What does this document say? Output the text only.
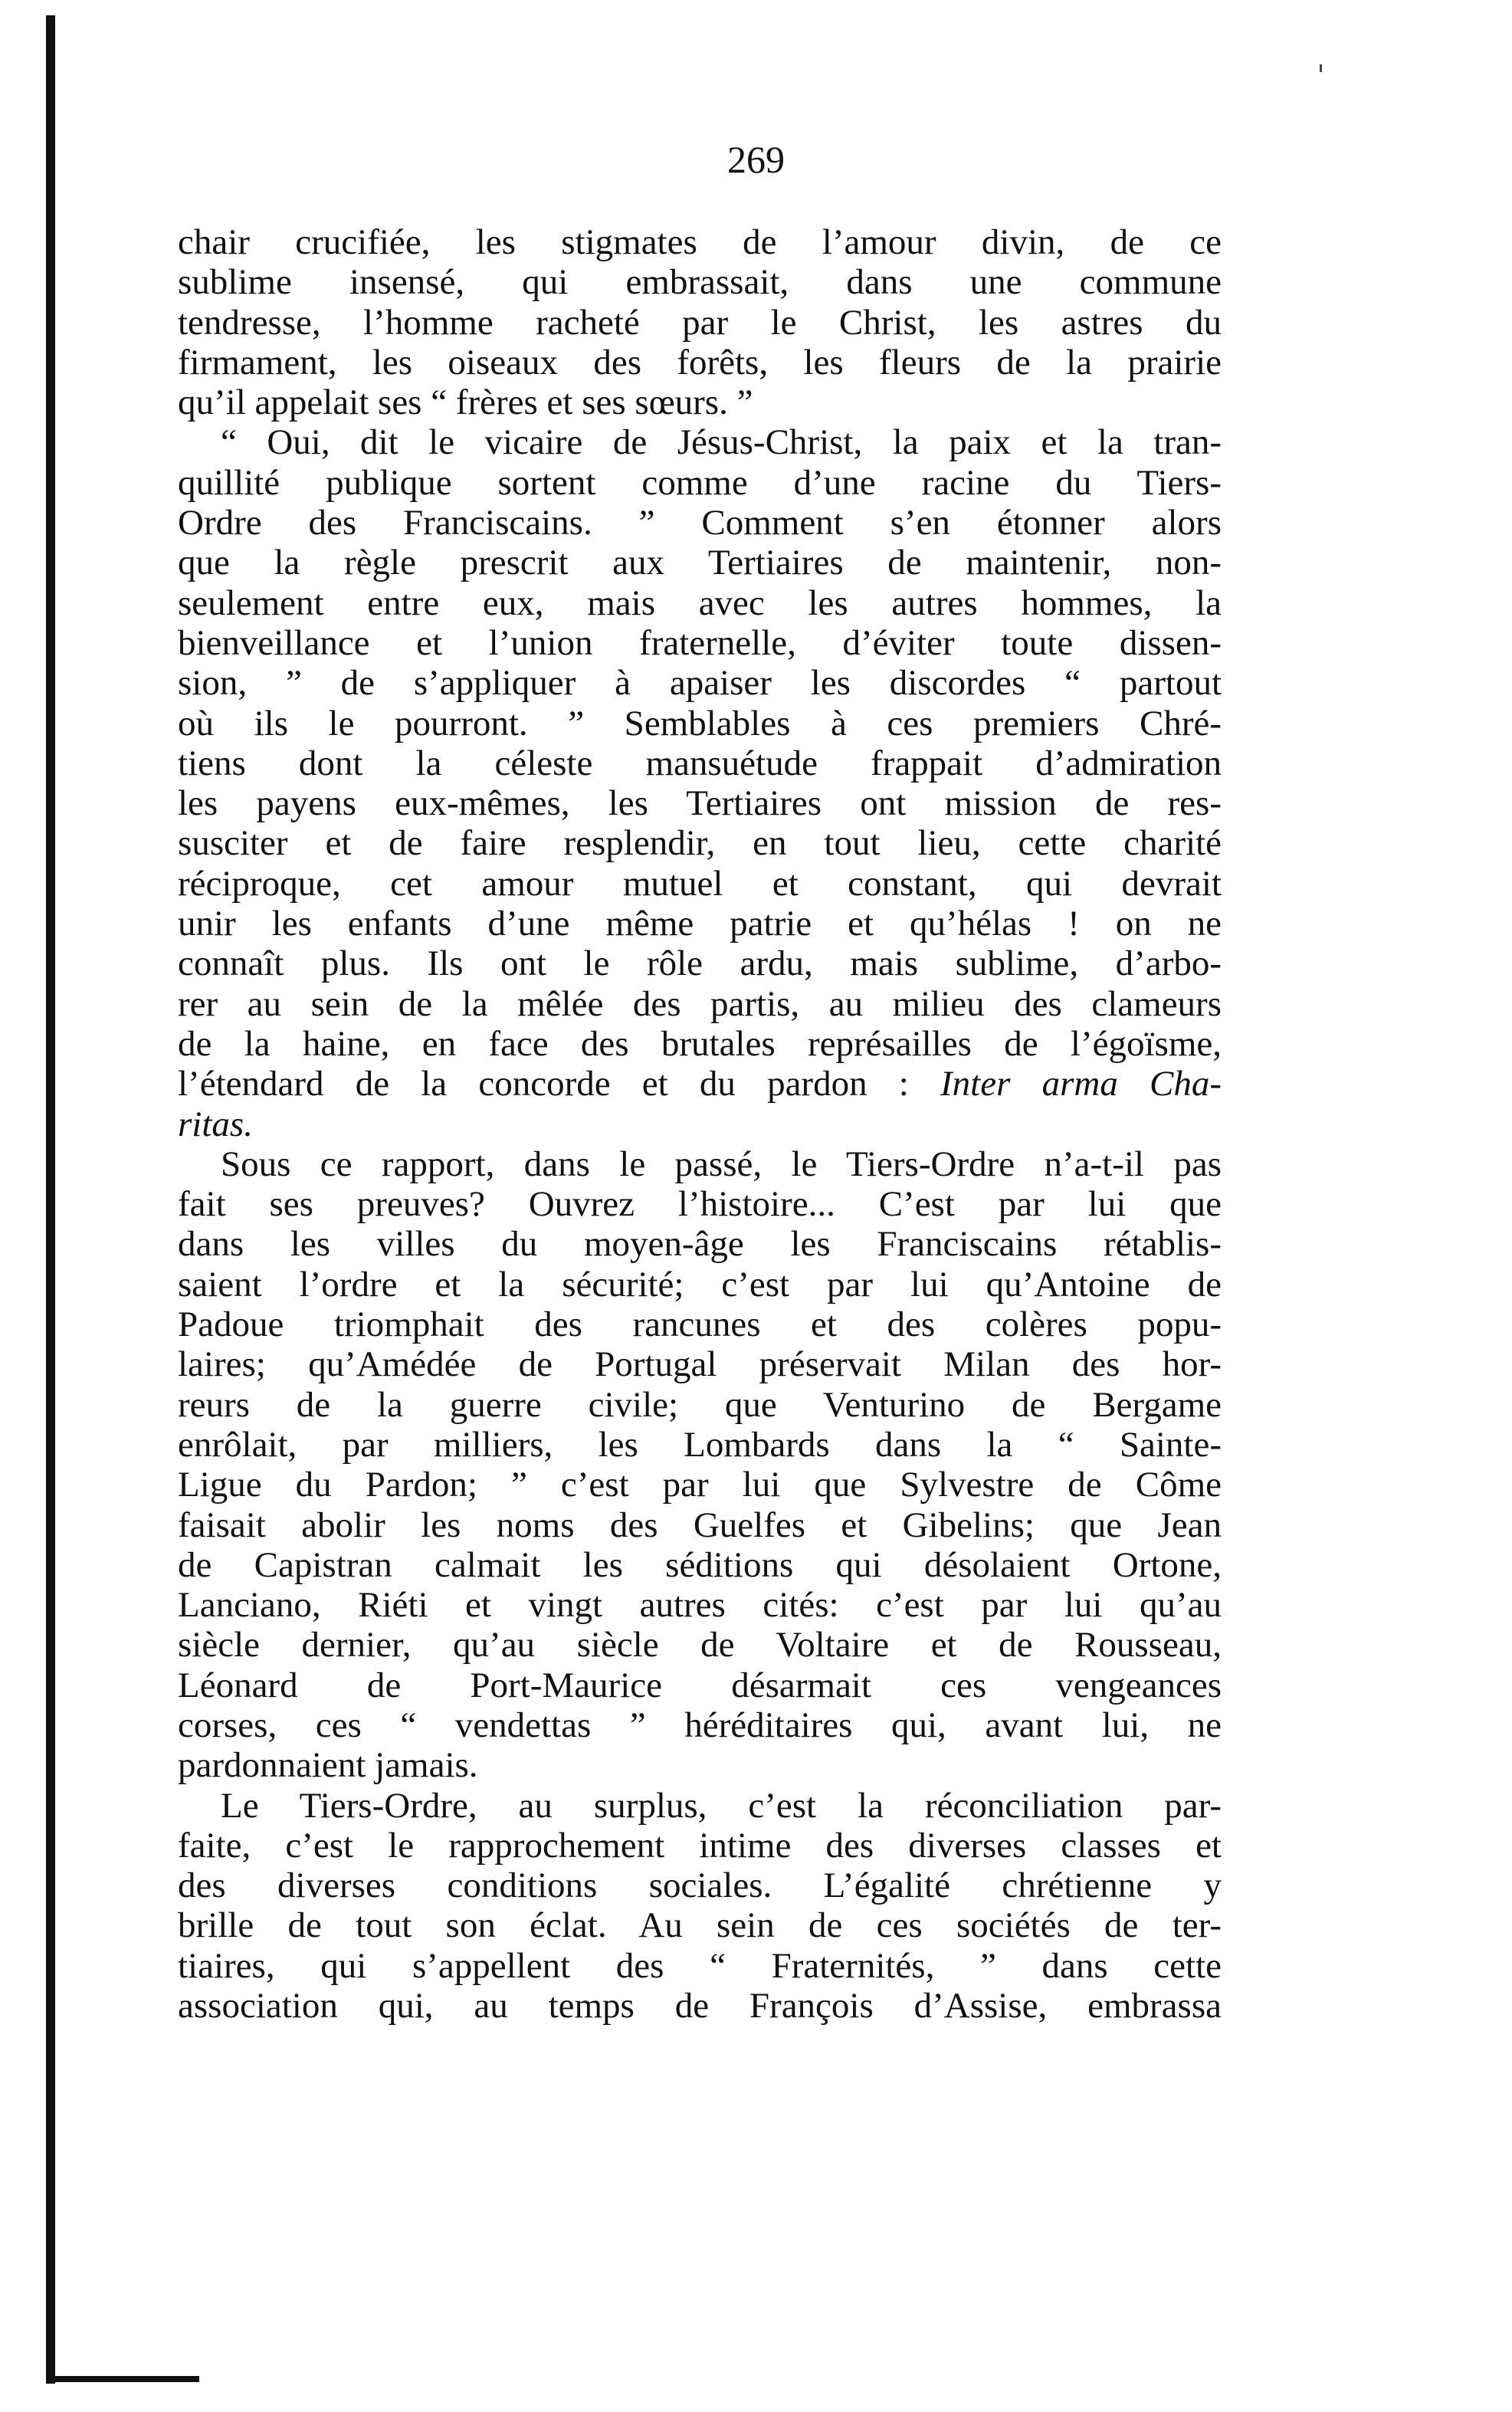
269
chair crucifiée, les stigmates de l’amour divin, de ce
sublime insensé, qui embrassait, dans une commune
tendresse, l’homme racheté par le Christ, les astres du
firmament, les oiseaux des forêts, les fleurs de la prairie
qu’il appelait ses “ frères et ses sœurs. ”
“ Oui, dit le vicaire de Jésus-Christ, la paix et la tran-
quillité publique sortent comme d’une racine du Tiers-
Ordre des Franciscains. ” Comment s’en étonner alors
que la règle prescrit aux Tertiaires de maintenir, non-
seulement entre eux, mais avec les autres hommes, la
bienveillance et l’union fraternelle, d’éviter toute dissen-
sion, ” de s’appliquer à apaiser les discordes “ partout
où ils le pourront. ” Semblables à ces premiers Chré-
tiens dont la céleste mansuétude frappait d’admiration
les payens eux-mêmes, les Tertiaires ont mission de res-
susciter et de faire resplendir, en tout lieu, cette charité
réciproque, cet amour mutuel et constant, qui devrait
unir les enfants d’une même patrie et qu’hélas ! on ne
connaît plus. Ils ont le rôle ardu, mais sublime, d’arbo-
rer au sein de la mêlée des partis, au milieu des clameurs
de la haine, en face des brutales représailles de l’égoïsme,
l’étendard de la concorde et du pardon : Inter arma Cha-
ritas.
Sous ce rapport, dans le passé, le Tiers-Ordre n’a-t-il pas
fait ses preuves? Ouvrez l’histoire... C’est par lui que
dans les villes du moyen-âge les Franciscains rétablis-
saient l’ordre et la sécurité; c’est par lui qu’Antoine de
Padoue triomphait des rancunes et des colères popu-
laires; qu’Amédée de Portugal préservait Milan des hor-
reurs de la guerre civile; que Venturino de Bergame
enrôlait, par milliers, les Lombards dans la “ Sainte-
Ligue du Pardon; ” c’est par lui que Sylvestre de Côme
faisait abolir les noms des Guelfes et Gibelins; que Jean
de Capistran calmait les séditions qui désolaient Ortone,
Lanciano, Riéti et vingt autres cités: c’est par lui qu’au
siècle dernier, qu’au siècle de Voltaire et de Rousseau,
Léonard de Port-Maurice désarmait ces vengeances
corses, ces “ vendettas ” héréditaires qui, avant lui, ne
pardonnaient jamais.
Le Tiers-Ordre, au surplus, c’est la réconciliation par-
faite, c’est le rapprochement intime des diverses classes et
des diverses conditions sociales. L’égalité chrétienne y
brille de tout son éclat. Au sein de ces sociétés de ter-
tiaires, qui s’appellent des “ Fraternités, ” dans cette
association qui, au temps de François d’Assise, embrassa
